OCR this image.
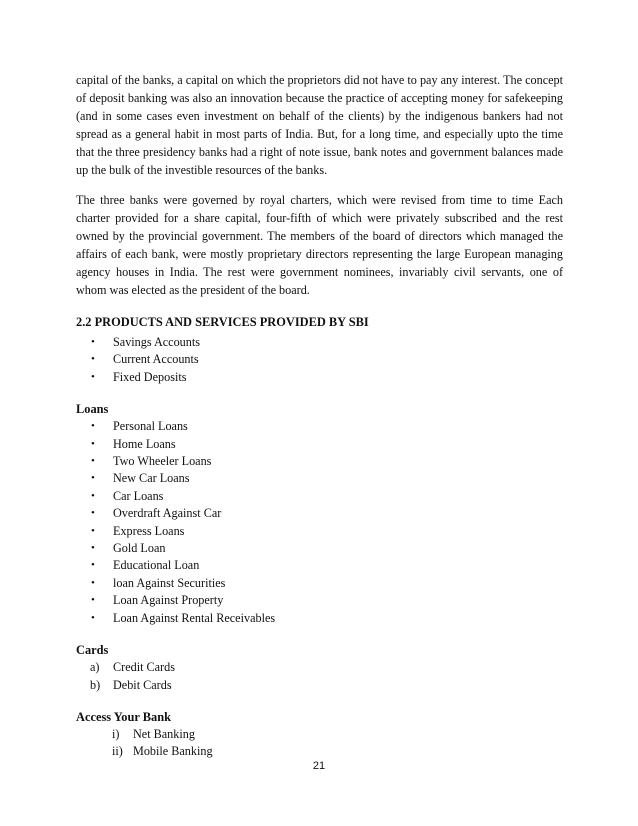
capital of the banks, a capital on which the proprietors did not have to pay any interest. The concept of deposit banking was also an innovation because the practice of accepting money for safekeeping (and in some cases even investment on behalf of the clients) by the indigenous bankers had not spread as a general habit in most parts of India. But, for a long time, and especially upto the time that the three presidency banks had a right of note issue, bank notes and government balances made up the bulk of the investible resources of the banks.

The three banks were governed by royal charters, which were revised from time to time Each charter provided for a share capital, four-fifth of which were privately subscribed and the rest owned by the provincial government. The members of the board of directors which managed the affairs of each bank, were mostly proprietary directors representing the large European managing agency houses in India. The rest were government nominees, invariably civil servants, one of whom was elected as the president of the board.

2.2 PRODUCTS AND SERVICES PROVIDED BY SBI
• Savings Accounts
• Current Accounts
• Fixed Deposits
Loans
• Personal Loans
• Home Loans
• Two Wheeler Loans
• New Car Loans
• Car Loans
• Overdraft Against Car
• Express Loans
• Gold Loan
• Educational Loan
• loan Against Securities
• Loan Against Property
• Loan Against Rental Receivables
Cards
a) Credit Cards
b) Debit Cards
Access Your Bank
i) Net Banking
ii) Mobile Banking
21
